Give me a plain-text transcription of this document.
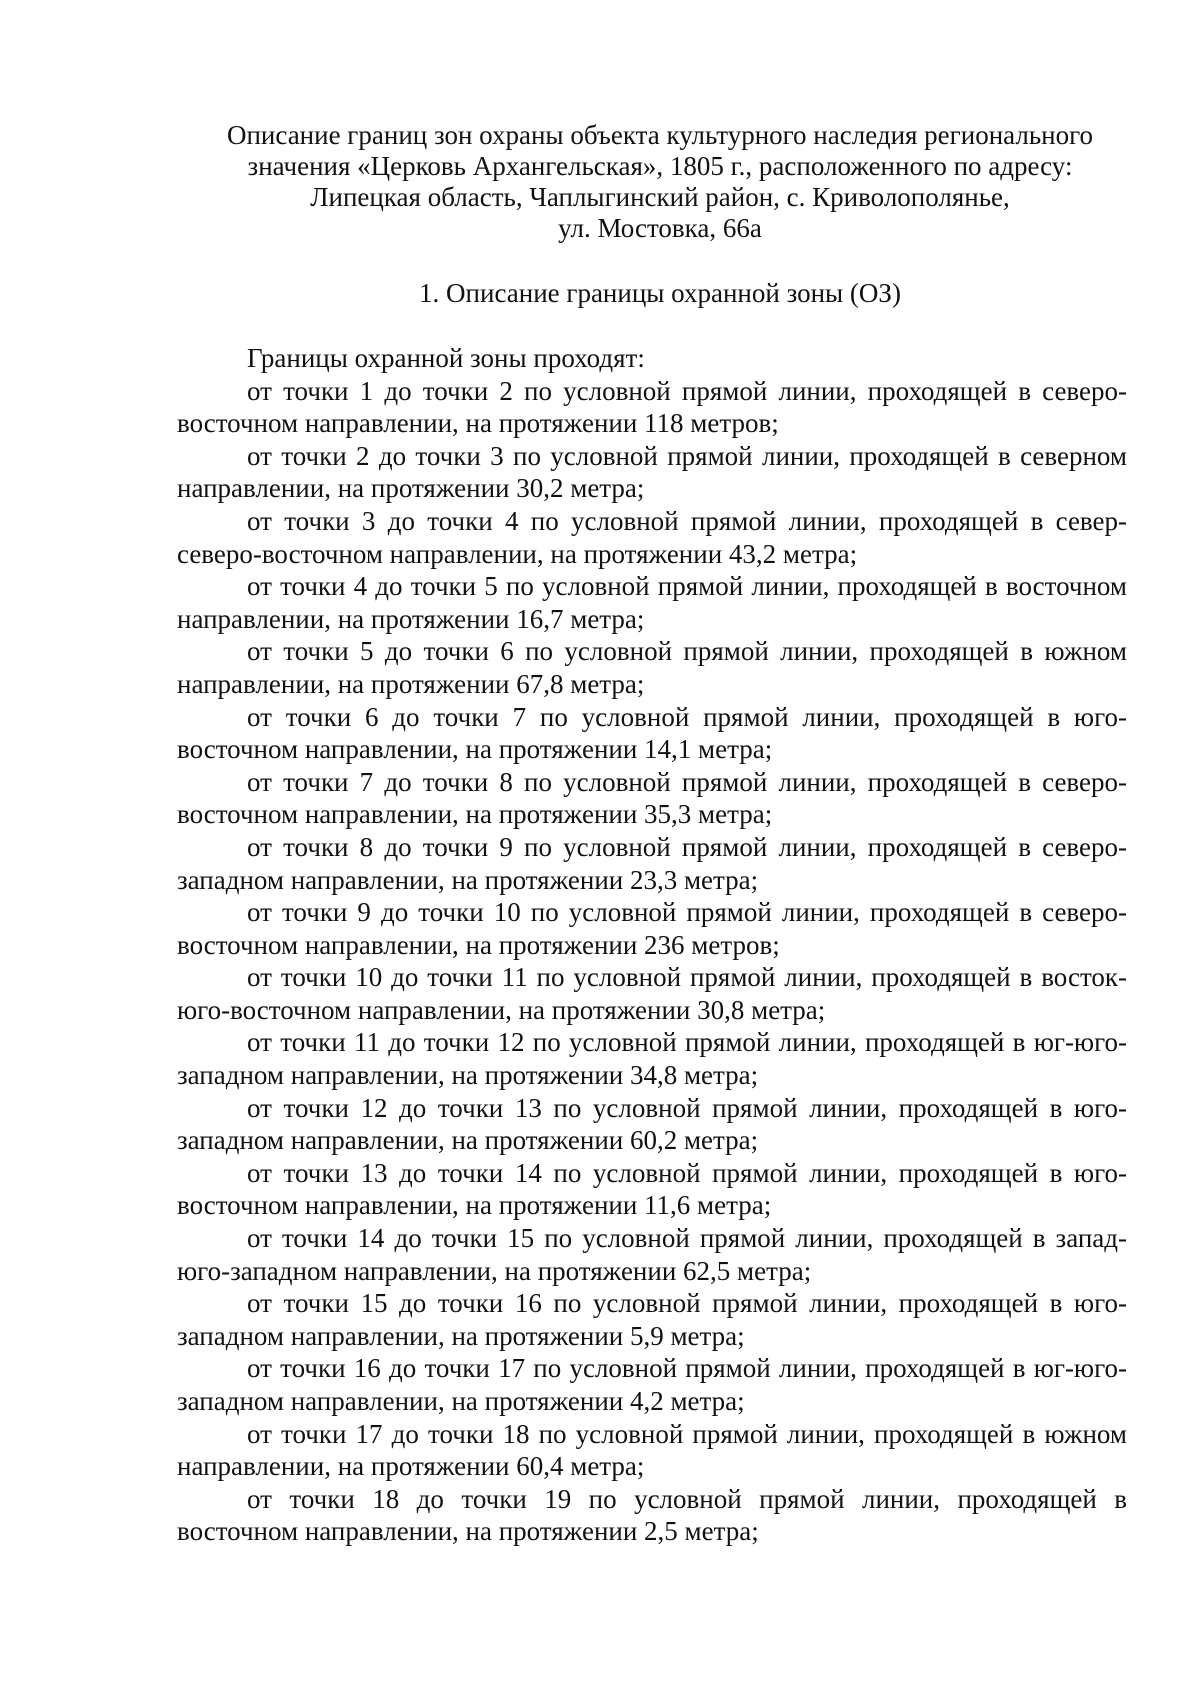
Описание границ зон охраны объекта культурного наследия регионального
значения «Церковь Архангельская», 1805 г., расположенного по адресу:
Липецкая область, Чаплыгинский район, с. Криволополянье,
ул. Мостовка, 66а
1. Описание границы охранной зоны (ОЗ)

Границы охранной зоны проходят:

от точки 1 до точки 2 по условной прямой линии, проходящей в северо-восточном направлении, на протяжении 118 метров;

от точки 2 до точки 3 по условной прямой линии, проходящей в северном направлении, на протяжении 30,2 метра;

от точки 3 до точки 4 по условной прямой линии, проходящей в север-северо-восточном направлении, на протяжении 43,2 метра;

от точки 4 до точки 5 по условной прямой линии, проходящей в восточном направлении, на протяжении 16,7 метра;

от точки 5 до точки 6 по условной прямой линии, проходящей в южном направлении, на протяжении 67,8 метра;

от точки 6 до точки 7 по условной прямой линии, проходящей в юго-восточном направлении, на протяжении 14,1 метра;

от точки 7 до точки 8 по условной прямой линии, проходящей в северо-восточном направлении, на протяжении 35,3 метра;

от точки 8 до точки 9 по условной прямой линии, проходящей в северо-западном направлении, на протяжении 23,3 метра;

от точки 9 до точки 10 по условной прямой линии, проходящей в северо-восточном направлении, на протяжении 236 метров;

от точки 10 до точки 11 по условной прямой линии, проходящей в восток-юго-восточном направлении, на протяжении 30,8 метра;

от точки 11 до точки 12 по условной прямой линии, проходящей в юг-юго-западном направлении, на протяжении 34,8 метра;

от точки 12 до точки 13 по условной прямой линии, проходящей в юго-западном направлении, на протяжении 60,2 метра;

от точки 13 до точки 14 по условной прямой линии, проходящей в юго-восточном направлении, на протяжении 11,6 метра;

от точки 14 до точки 15 по условной прямой линии, проходящей в запад-юго-западном направлении, на протяжении 62,5 метра;

от точки 15 до точки 16 по условной прямой линии, проходящей в юго-западном направлении, на протяжении 5,9 метра;

от точки 16 до точки 17 по условной прямой линии, проходящей в юг-юго-западном направлении, на протяжении 4,2 метра;

от точки 17 до точки 18 по условной прямой линии, проходящей в южном направлении, на протяжении 60,4 метра;

от точки 18 до точки 19 по условной прямой линии, проходящей в восточном направлении, на протяжении 2,5 метра;
